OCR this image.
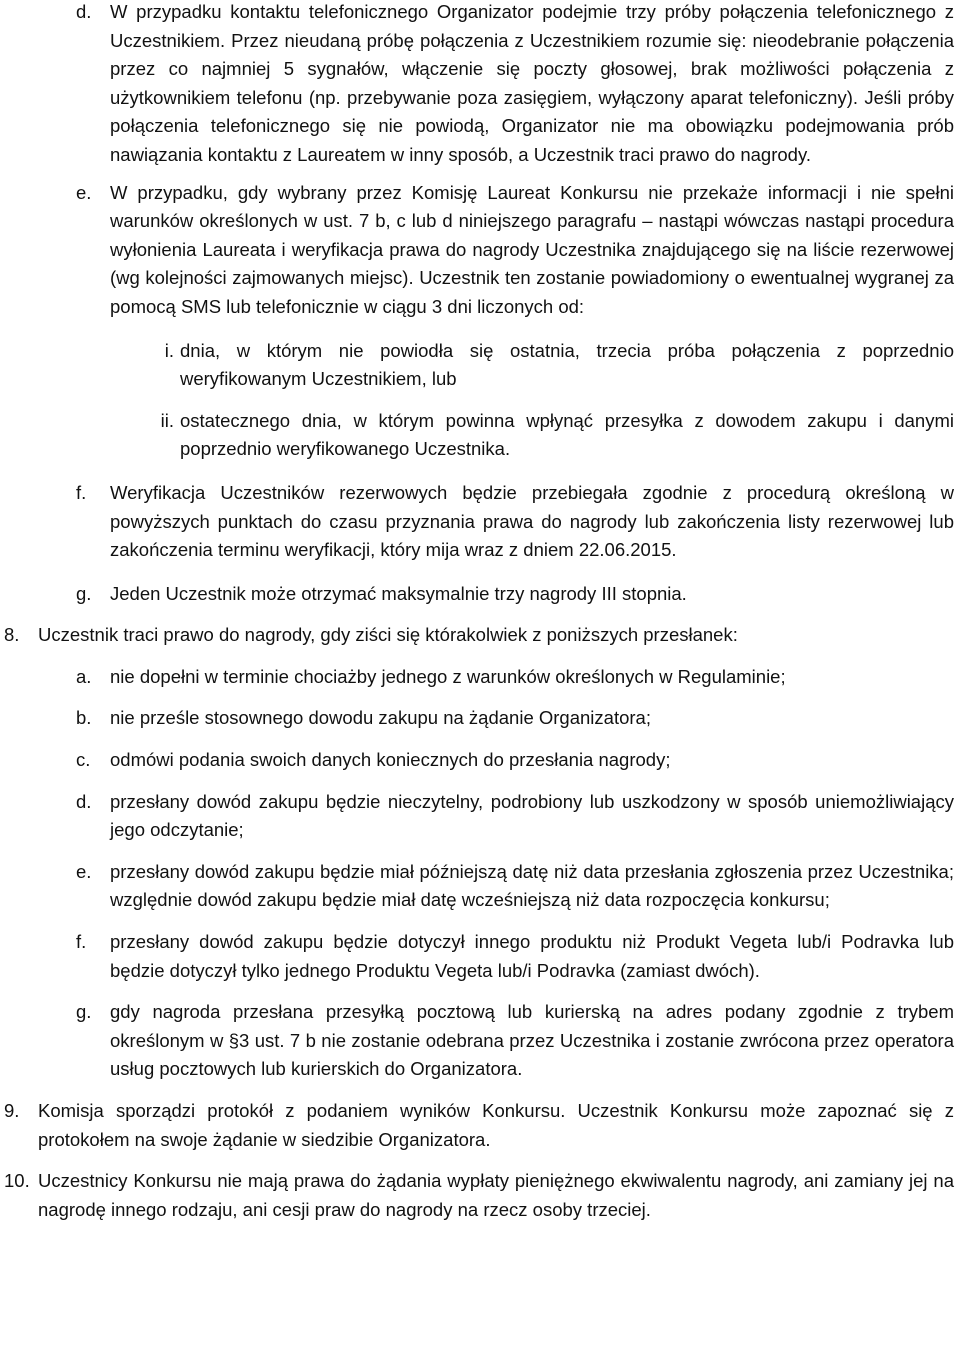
d.	W przypadku kontaktu telefonicznego Organizator podejmie trzy próby połączenia telefonicznego z Uczestnikiem. Przez nieudaną próbę połączenia z Uczestnikiem rozumie się: nieodebranie połączenia przez co najmniej 5 sygnałów, włączenie się poczty głosowej, brak możliwości połączenia z użytkownikiem telefonu (np. przebywanie poza zasięgiem, wyłączony aparat telefoniczny). Jeśli próby połączenia telefonicznego się nie powiodą, Organizator nie ma obowiązku podejmowania prób nawiązania kontaktu z Laureatem w inny sposób, a Uczestnik traci prawo do nagrody.
e.	W przypadku, gdy wybrany przez Komisję Laureat Konkursu nie przekaże informacji i nie spełni warunków określonych w ust. 7 b, c lub d niniejszego paragrafu – nastąpi wówczas nastąpi procedura wyłonienia Laureata i weryfikacja prawa do nagrody Uczestnika znajdującego się na liście rezerwowej (wg kolejności zajmowanych miejsc). Uczestnik ten zostanie powiadomiony o ewentualnej wygranej za pomocą SMS lub telefonicznie w ciągu 3 dni liczonych od:
i. dnia, w którym nie powiodła się ostatnia, trzecia próba połączenia z poprzednio weryfikowanym Uczestnikiem, lub
ii. ostatecznego dnia, w którym powinna wpłynąć przesyłka z dowodem zakupu i danymi poprzednio weryfikowanego Uczestnika.
f.	Weryfikacja Uczestników rezerwowych będzie przebiegała zgodnie z procedurą określoną w powyższych punktach do czasu przyznania prawa do nagrody lub zakończenia listy rezerwowej lub zakończenia terminu weryfikacji, który mija wraz z dniem 22.06.2015.
g.	Jeden Uczestnik może otrzymać maksymalnie trzy nagrody III stopnia.
8.	Uczestnik traci prawo do nagrody, gdy ziści się którakolwiek z poniższych przesłanek:
a.	nie dopełni w terminie chociażby jednego z warunków określonych w Regulaminie;
b.	nie prześle stosownego dowodu zakupu na żądanie Organizatora;
c.	odmówi podania swoich danych koniecznych do przesłania nagrody;
d.	przesłany dowód zakupu będzie nieczytelny, podrobiony lub uszkodzony w sposób uniemożliwiający jego odczytanie;
e.	przesłany dowód zakupu będzie miał późniejszą datę niż data przesłania zgłoszenia przez Uczestnika; względnie dowód zakupu będzie miał datę wcześniejszą niż data rozpoczęcia konkursu;
f.	przesłany dowód zakupu będzie dotyczył innego produktu niż Produkt Vegeta lub/i Podravka lub będzie dotyczył tylko jednego Produktu Vegeta lub/i Podravka (zamiast dwóch).
g.	gdy nagroda przesłana przesyłką pocztową lub kurierską na adres podany zgodnie z trybem określonym w §3 ust. 7 b nie zostanie odebrana przez Uczestnika i zostanie zwrócona przez operatora usług pocztowych lub kurierskich do Organizatora.
9.	Komisja sporządzi protokół z podaniem wyników Konkursu. Uczestnik Konkursu może zapoznać się z protokołem na swoje żądanie w siedzibie Organizatora.
10. Uczestnicy Konkursu nie mają prawa do żądania wypłaty pieniężnego ekwiwalentu nagrody, ani zamiany jej na nagrodę innego rodzaju, ani cesji praw do nagrody na rzecz osoby trzeciej.
